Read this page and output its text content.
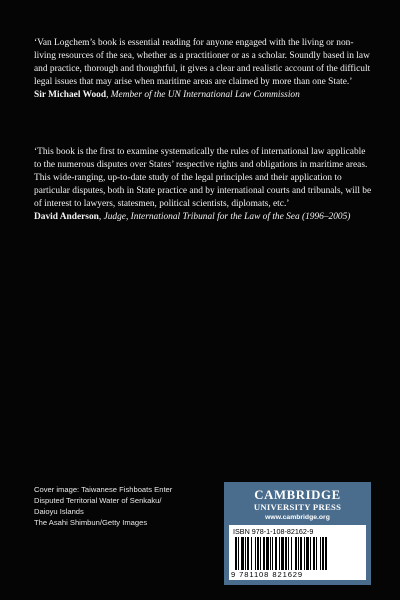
‘Van Logchem’s book is essential reading for anyone engaged with the living or non-living resources of the sea, whether as a practitioner or as a scholar. Soundly based in law and practice, thorough and thoughtful, it gives a clear and realistic account of the difficult legal issues that may arise when maritime areas are claimed by more than one State.’
Sir Michael Wood, Member of the UN International Law Commission
‘This book is the first to examine systematically the rules of international law applicable to the numerous disputes over States’ respective rights and obligations in maritime areas. This wide-ranging, up-to-date study of the legal principles and their application to particular disputes, both in State practice and by international courts and tribunals, will be of interest to lawyers, statesmen, political scientists, diplomats, etc.’
David Anderson, Judge, International Tribunal for the Law of the Sea (1996–2005)
Cover image: Taiwanese Fishboats Enter
Disputed Territorial Water of Senkaku/
Daioyu Islands
The Asahi Shimbun/Getty Images
CAMBRIDGE
UNIVERSITY PRESS
www.cambridge.org
ISBN 978-1-108-82162-9
9 781108 821629
